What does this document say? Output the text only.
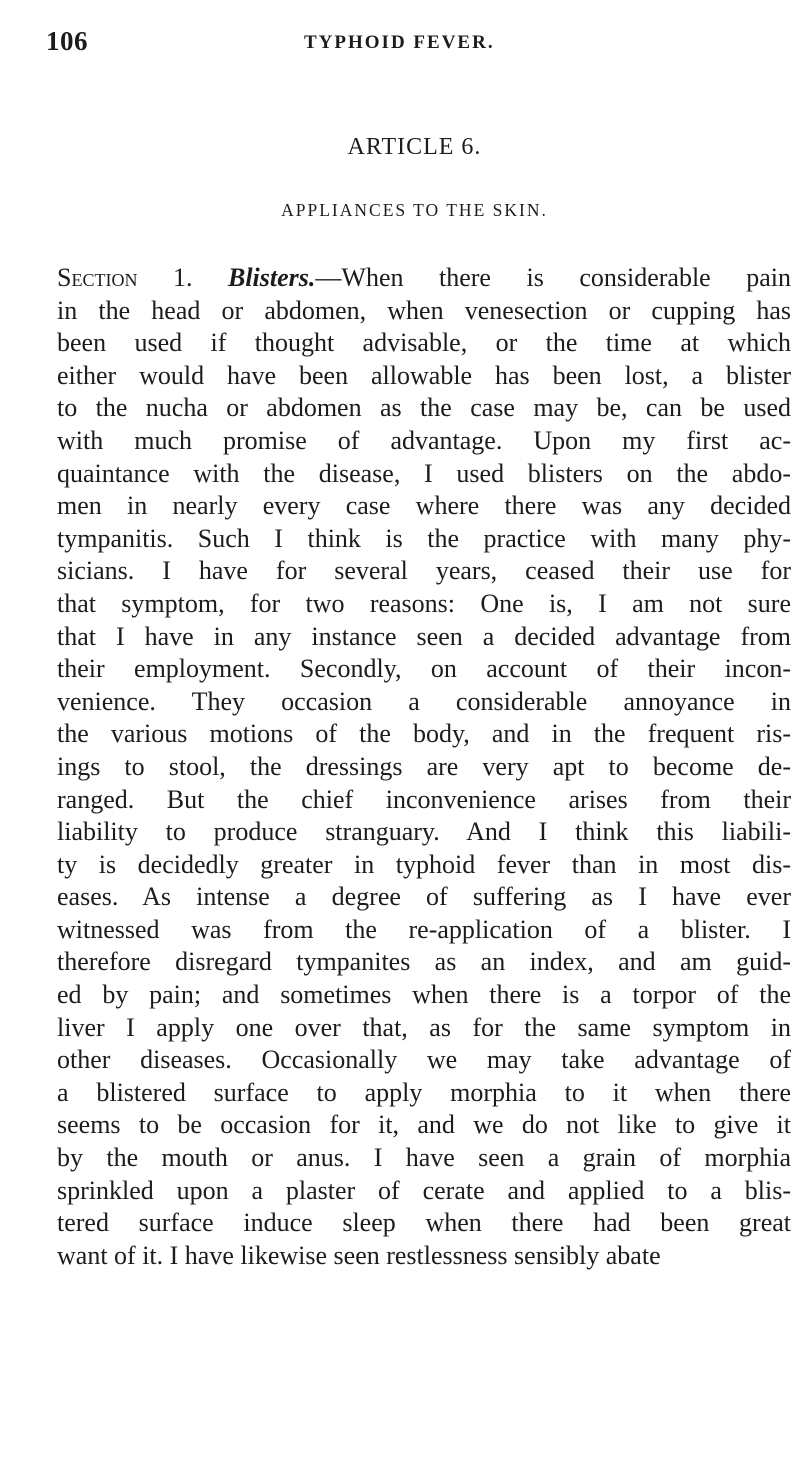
106	TYPHOID FEVER.
ARTICLE 6.
APPLIANCES TO THE SKIN.
Section 1. Blisters.—When there is considerable pain
in the head or abdomen, when venesection or cupping has
been used if thought advisable, or the time at which
either would have been allowable has been lost, a blister
to the nucha or abdomen as the case may be, can be used
with much promise of advantage. Upon my first ac-
quaintance with the disease, I used blisters on the abdo-
men in nearly every case where there was any decided
tympanitis. Such I think is the practice with many phy-
sicians. I have for several years, ceased their use for
that symptom, for two reasons: One is, I am not sure
that I have in any instance seen a decided advantage from
their employment. Secondly, on account of their incon-
venience. They occasion a considerable annoyance in
the various motions of the body, and in the frequent ris-
ings to stool, the dressings are very apt to become de-
ranged. But the chief inconvenience arises from their
liability to produce stranguary. And I think this liabili-
ty is decidedly greater in typhoid fever than in most dis-
eases. As intense a degree of suffering as I have ever
witnessed was from the re-application of a blister. I
therefore disregard tympanites as an index, and am guid-
ed by pain; and sometimes when there is a torpor of the
liver I apply one over that, as for the same symptom in
other diseases. Occasionally we may take advantage of
a blistered surface to apply morphia to it when there
seems to be occasion for it, and we do not like to give it
by the mouth or anus. I have seen a grain of morphia
sprinkled upon a plaster of cerate and applied to a blis-
tered surface induce sleep when there had been great
want of it. I have likewise seen restlessness sensibly abate
